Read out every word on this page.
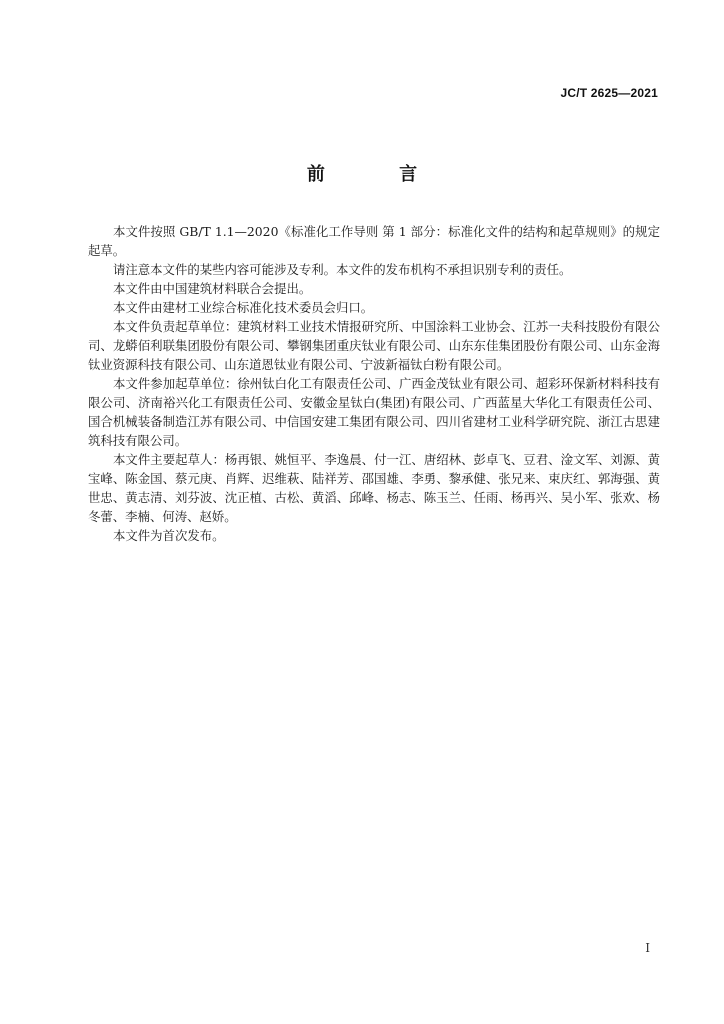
JC/T 2625—2021
前 言

本文件按照 GB/T 1.1—2020《标准化工作导则 第 1 部分：标准化文件的结构和起草规则》的规定起草。

请注意本文件的某些内容可能涉及专利。本文件的发布机构不承担识别专利的责任。

本文件由中国建筑材料联合会提出。

本文件由建材工业综合标准化技术委员会归口。

本文件负责起草单位：建筑材料工业技术情报研究所、中国涂料工业协会、江苏一夫科技股份有限公司、龙蟒佰利联集团股份有限公司、攀钢集团重庆钛业有限公司、山东东佳集团股份有限公司、山东金海钛业资源科技有限公司、山东道恩钛业有限公司、宁波新福钛白粉有限公司。

本文件参加起草单位：徐州钛白化工有限责任公司、广西金茂钛业有限公司、超彩环保新材料科技有限公司、济南裕兴化工有限责任公司、安徽金星钛白(集团)有限公司、广西蓝星大华化工有限责任公司、国合机械装备制造江苏有限公司、中信国安建工集团有限公司、四川省建材工业科学研究院、浙江古思建筑科技有限公司。

本文件主要起草人：杨再银、姚恒平、李逸晨、付一江、唐绍林、彭卓飞、豆君、淦文军、刘源、黄宝峰、陈金国、蔡元庚、肖辉、迟维萩、陆祥芳、邵国雄、李勇、黎承健、张兄来、束庆红、郭海强、黄世忠、黄志清、刘芬波、沈正植、古松、黄滔、邱峰、杨志、陈玉兰、任雨、杨再兴、吴小军、张欢、杨冬蕾、李楠、何涛、赵娇。

本文件为首次发布。

I
